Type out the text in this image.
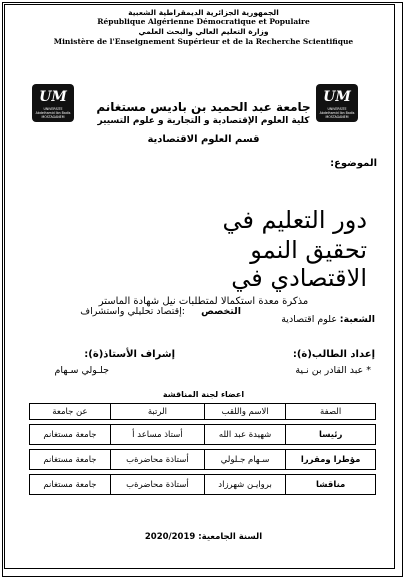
الجمهورية الجزائرية الديمقراطية الشعبية
République Algérienne Démocratique et Populaire
وزارة التعليم العالي والبحث العلمي
Ministère de l'Enseignement Supérieur et de la Recherche Scientifique
UM
UNIVERSITE
Abdelhamid Ibn Badis
MOSTAGANEM
UM
UNIVERSITE
Abdelhamid Ibn Badis
MOSTAGANEM
جامعة عبد الحميد بن باديس مستغانم
كلية العلوم الإقتصادية و التجارية و علوم التسيير
قسم العلوم الاقتصادية
الموضوع:
دور التعليم في
تحقيق النمو
الاقتصادي في
مذكرة معدة استكمالا لمتطلبات نيل شهادة الماستر
الشعبة:
علوم اقتصادية
التخصص
:إقتصاد تحليلي واستشراف
إعداد الطالب(ة):
إشراف الأستاذ(ة):
* عبد القادر بن نـية
جلـولي سـهام
اعضاء لجنة المناقشة
الصفة	الاسم واللقب	الرتبة	عن جامعة

رئيسا	شهيدة عبد الله	أستاذ مساعد أ	جامعة مستغانم

مؤطرا ومقررا	سـهام جـلولي	أستاذة محاضرةب	جامعة مستغانم

مناقشا	بروايـن شهرزاد	أستاذة محاضرةب	جامعة مستغانم
السنة الجامعية: 2020/2019
